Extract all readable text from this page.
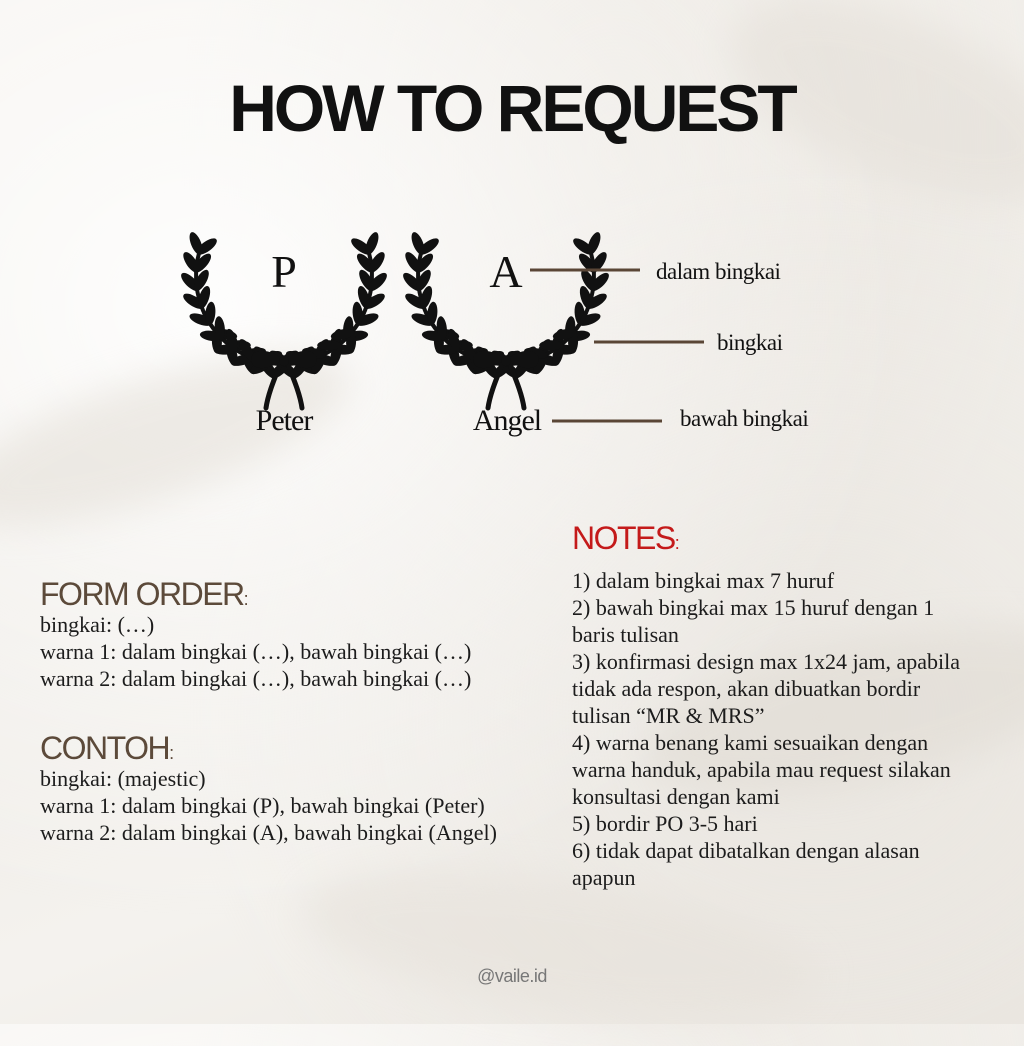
HOW TO REQUEST
P
Peter
A
Angel
dalam bingkai
bingkai
bawah bingkai
FORM ORDER:
bingkai: (…)
warna 1: dalam bingkai (…), bawah bingkai (…)
warna 2: dalam bingkai (…), bawah bingkai (…)
CONTOH:
bingkai: (majestic)
warna 1: dalam bingkai (P), bawah bingkai (Peter)
warna 2: dalam bingkai (A), bawah bingkai (Angel)
NOTES:
1) dalam bingkai max 7 huruf
2) bawah bingkai max 15 huruf dengan 1
baris tulisan
3) konfirmasi design max 1x24 jam, apabila
tidak ada respon, akan dibuatkan bordir
tulisan “MR & MRS”
4) warna benang kami sesuaikan dengan
warna handuk, apabila mau request silakan
konsultasi dengan kami
5) bordir PO 3-5 hari
6) tidak dapat dibatalkan dengan alasan
apapun
@vaile.id
